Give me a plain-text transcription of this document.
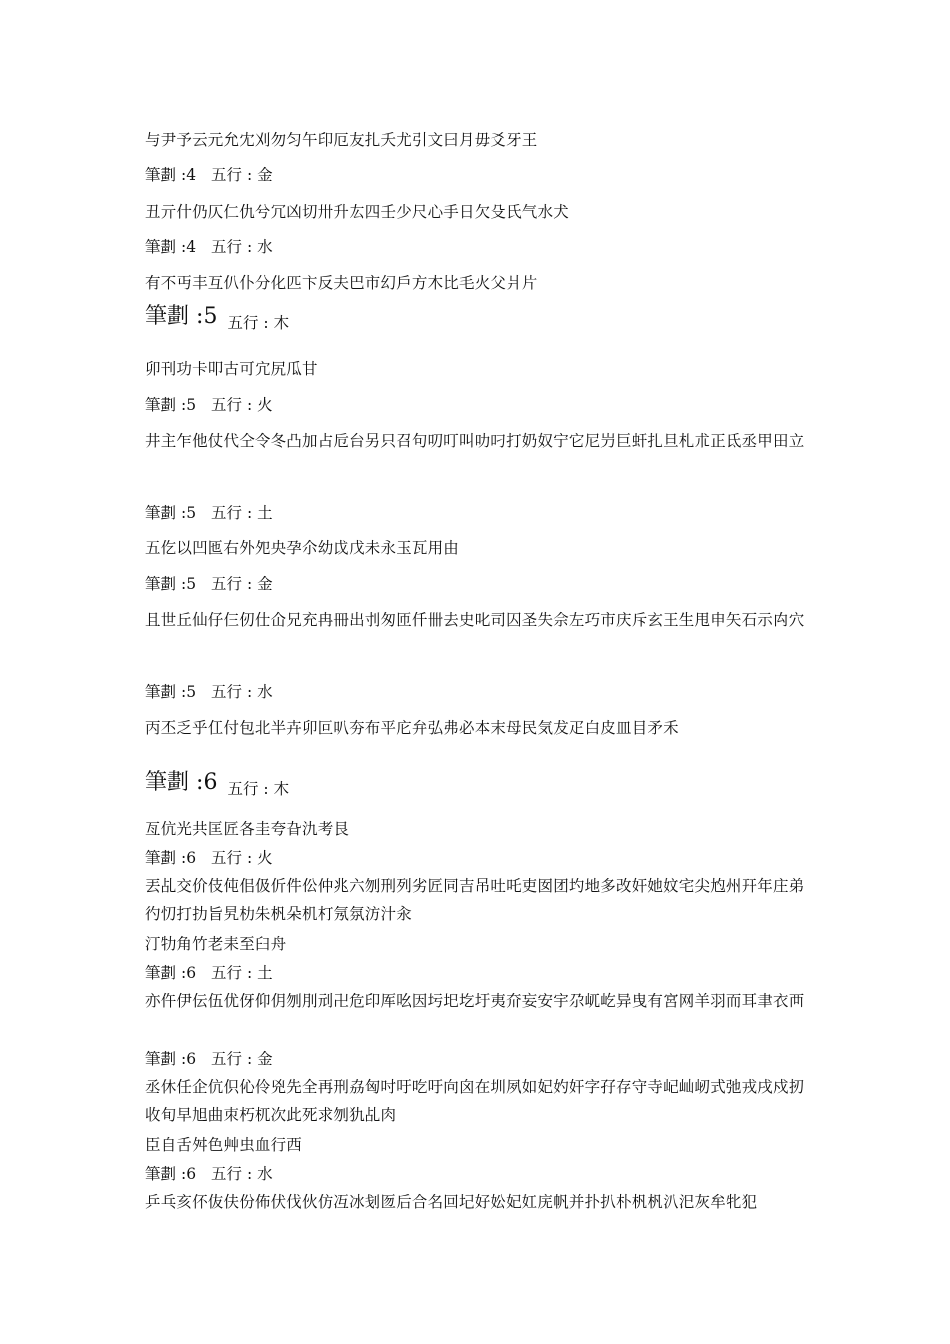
与尹予云元允冘刈勿匀午印厄友扎夭尤引文曰月毋爻牙王

筆劃 :4 五行 : 金

丑亓什仍仄仁仇兮冗凶切卅升厷四壬少尺心手日欠殳氏气水犬

筆劃 :4 五行 : 水

有不丏丰互仈仆分化匹卞反夫巴市幻戶方木比毛火父爿片

筆劃 :5 $_{五行 : 木}$

卯刊功卡叩古可宂尻瓜甘

筆劃 :5 五行 : 火

井主乍他仗代仝令冬凸加占卮台另只召句叨叮叫叻叼打奶奴宁它尼屶巨虷扎旦札朮正氐丞甲田立

筆劃 :5 五行 : 土

五仡以凹匜右外夗央孕尒幼戉戊未永玉瓦用由

筆劃 :5 五行 : 金

且世丘仙仔仨仞仕仚兄充冉冊出刌匆匝仟卌去史叱司囚圣失佘左巧市庆斥玄王生甩申矢石示禸穴

筆劃 :5 五行 : 水

丙丕乏乎仜付包北半卉卯叵叭夯布平庀弁弘弗必本末母民気犮疋白皮皿目矛禾

筆劃 :6 $_{五行 : 木}$

亙伉光共匡匠各圭夸旮氿考艮

筆劃 :6 五行 : 火

丟乩交价伎伅佀伋伒件伀仲兆六刎刑列劣匠同吉吊吐吒吏囡团圴地多改奸她妏宅尖尥州幵年庄弟彴忉打扐旨旯朸朱杋朵机朾氖氛汸汁汆

汀牞角竹老耒至臼舟

筆劃 :6 五行 : 土

亦仵伊伝伍优伢仰仴刎刖刓卍危印厍吆因圬圯圪圩夷夼妄安宇尕屼屹异曳有宮网羊羽而耳聿衣襾

筆劃 :6 五行 : 金

丞休任企伉伿伈伶兇先全再刑劦匈吋吁吃吁向囟在圳夙如妃妁奸字孖存守寺屺屾屻式弛戎戌戍扨收旬早旭曲朿朽杌次此死求刎犰乩肉

臣自舌舛色艸虫血行西

筆劃 :6 五行 : 水

乒乓亥伓伖伕份佈伏伐伙仿冱冰刬匢后合名回圮好妐妃妅庑帆并扑扒朴杋杋汃汜灰牟牝犯
